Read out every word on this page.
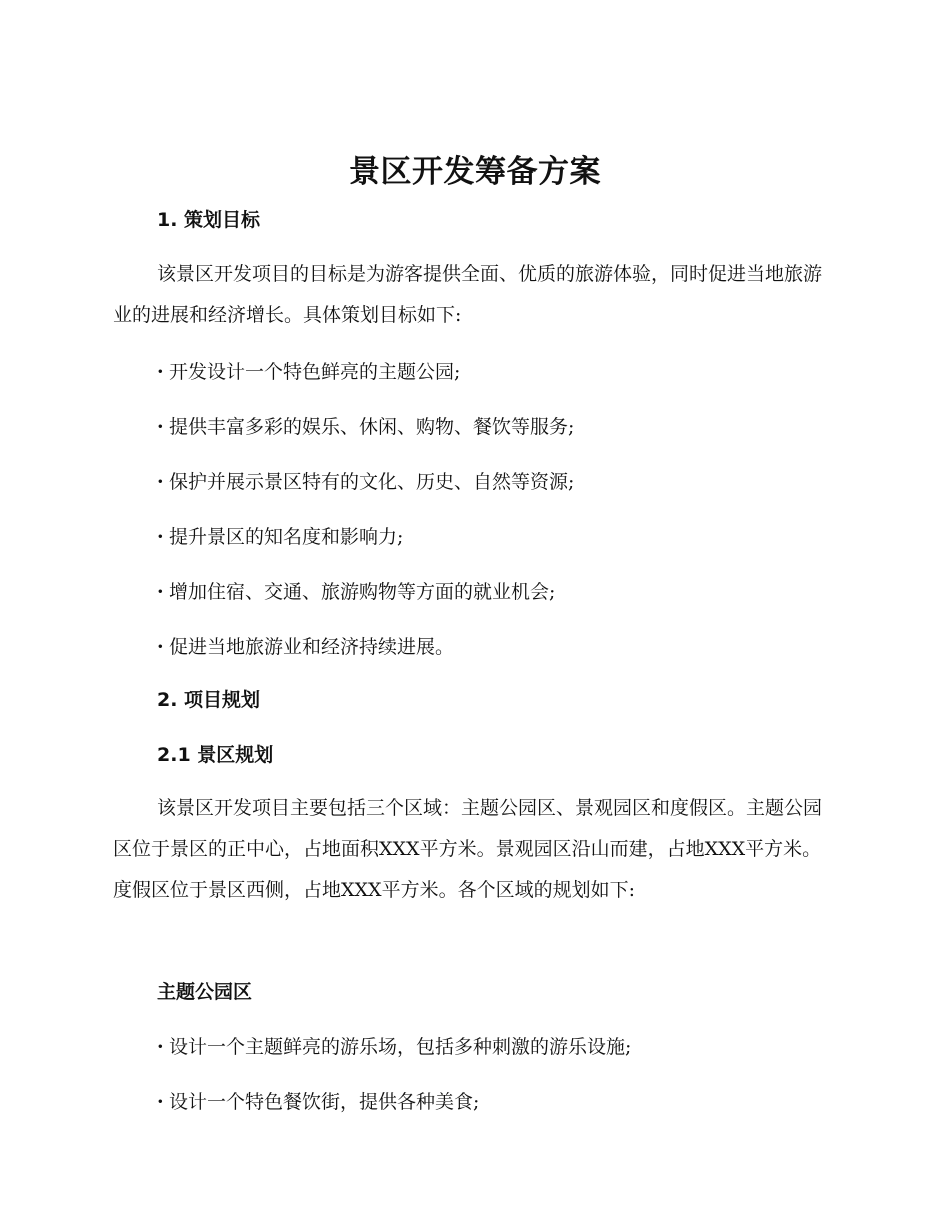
景区开发筹备方案
1. 策划目标

该景区开发项目的目标是为游客提供全面、优质的旅游体验，同时促进当地旅游业的进展和经济增长。具体策划目标如下:

· 开发设计一个特色鲜亮的主题公园;
· 提供丰富多彩的娱乐、休闲、购物、餐饮等服务;
· 保护并展示景区特有的文化、历史、自然等资源;
· 提升景区的知名度和影响力;
· 增加住宿、交通、旅游购物等方面的就业机会;
· 促进当地旅游业和经济持续进展。
2. 项目规划
2.1 景区规划

该景区开发项目主要包括三个区域：主题公园区、景观园区和度假区。主题公园区位于景区的正中心，占地面积XXX平方米。景观园区沿山而建，占地XXX平方米。度假区位于景区西侧，占地XXX平方米。各个区域的规划如下:

主题公园区
· 设计一个主题鲜亮的游乐场，包括多种刺激的游乐设施;
· 设计一个特色餐饮街，提供各种美食;
